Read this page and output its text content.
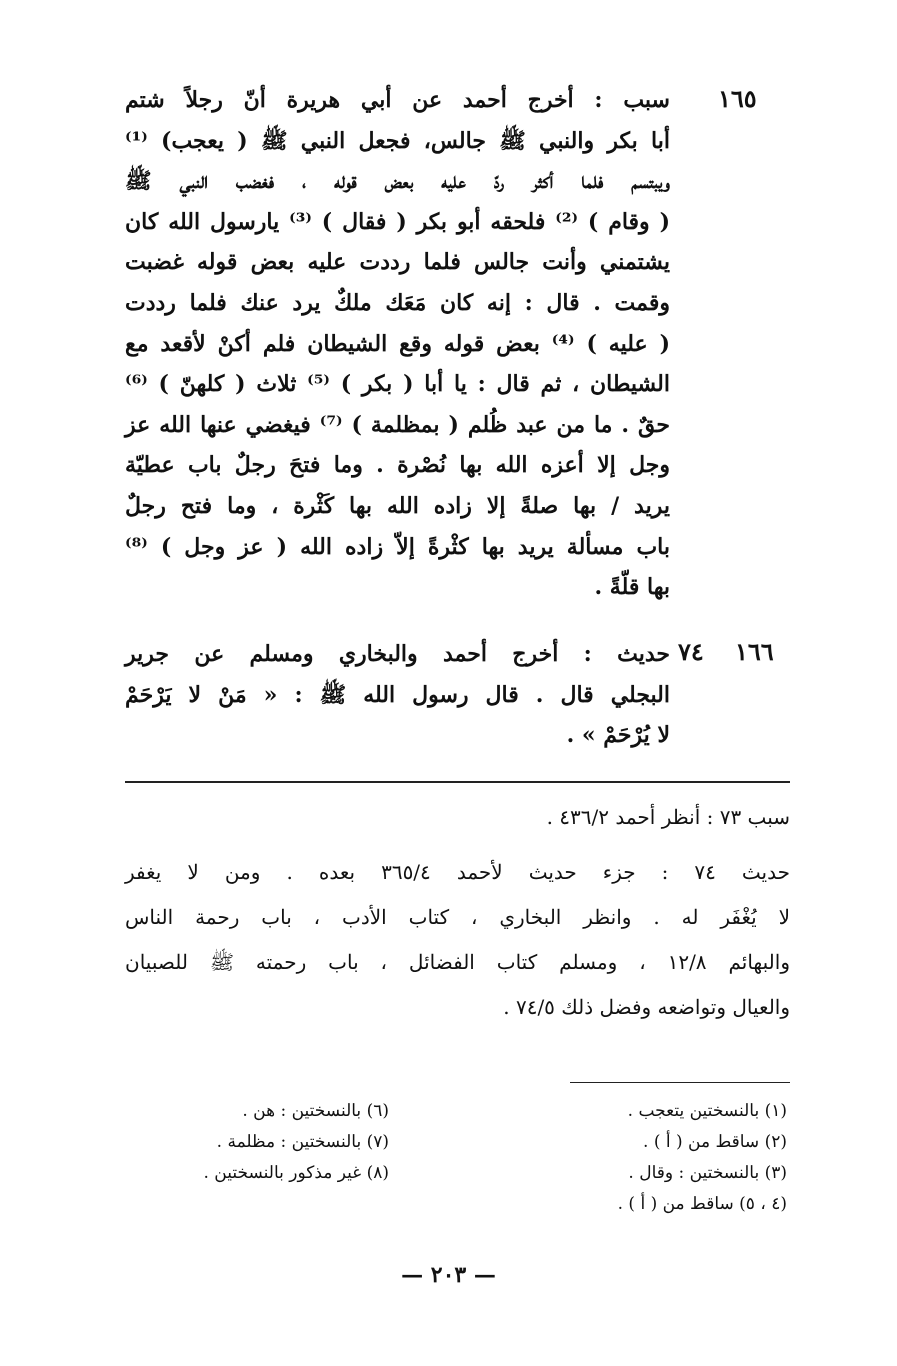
١٦٥
سبب : أخرج أحمد عن أبي هريرة أنّ رجلاً شتم
أبا بكر والنبي ﷺ جالس، فجعل النبي ﷺ ( يعجب) ⁽¹⁾
ويبتسم فلما أكثر ردّ عليه بعض قوله ، فغضب النبي ﷺ
( وقام ) ⁽²⁾ فلحقه أبو بكر ( فقال ) ⁽³⁾ يارسول الله كان
يشتمني وأنت جالس فلما رددت عليه بعض قوله غضبت
وقمت . قال : إنه كان مَعَك ملكٌ يرد عنك فلما رددت
( عليه ) ⁽⁴⁾ بعض قوله وقع الشيطان فلم أكنْ لأقعد مع
الشيطان ، ثم قال : يا أبا ( بكر ) ⁽⁵⁾ ثلاث ( كلهنّ ) ⁽⁶⁾
حقٌ . ما من عبد ظُلم ( بمظلمة ) ⁽⁷⁾ فيغضي عنها الله عز
وجل إلا أعزه الله بها نُصْرة . وما فتحَ رجلٌ باب عطيّة
يريد / بها صلةً إلا زاده الله بها كَثْرة ، وما فتح رجلٌ
باب مسألة يريد بها كثْرةً إلاّ زاده الله ( عز وجل ) ⁽⁸⁾
بها قلّةً .
١٦٦
٧٤
حديث : أخرج أحمد والبخاري ومسلم عن جرير
البجلي قال . قال رسول الله ﷺ : « مَنْ لا يَرْحَمْ
لا يُرْحَمْ » .
سبب ٧٣ : أنظر أحمد ٤٣٦/٢ .
حديث ٧٤ : جزء حديث لأحمد ٣٦٥/٤ بعده . ومن لا يغفر
لا يُغْفَر له . وانظر البخاري ، كتاب الأدب ، باب رحمة الناس
والبهائم ١٢/٨ ، ومسلم كتاب الفضائل ، باب رحمته ﷺ للصبيان
والعيال وتواضعه وفضل ذلك ٧٤/٥ .
(١) بالنسختين يتعجب .
(٢) ساقط من ( أ ) .
(٣) بالنسختين : وقال .
(٤ ، ٥) ساقط من ( أ ) .
(٦) بالنسختين : هن .
(٧) بالنسختين : مظلمة .
(٨) غير مذكور بالنسختين .
— ٢٠٣ —
